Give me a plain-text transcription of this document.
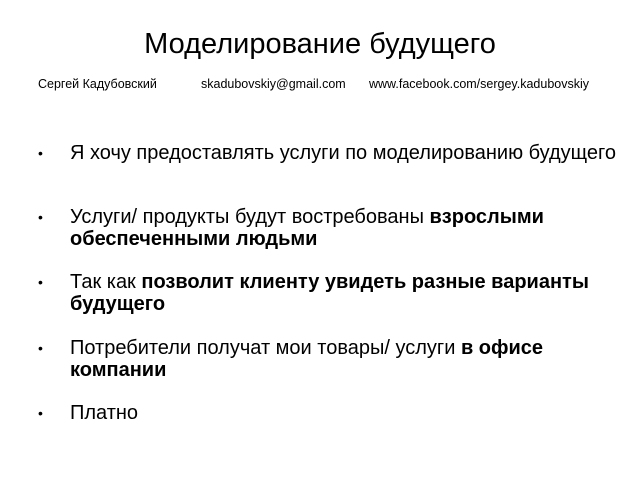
Моделирование будущего
Сергей Кадубовский	skadubovskiy@gmail.com www.facebook.com/sergey.kadubovskiy
• Я хочу предоставлять услуги по моделированию будущего
• Услуги/ продукты будут востребованы взрослыми обеспеченными людьми
• Так как позволит клиенту увидеть разные варианты будущего
• Потребители получат мои товары/ услуги в офисе компании
• Платно
